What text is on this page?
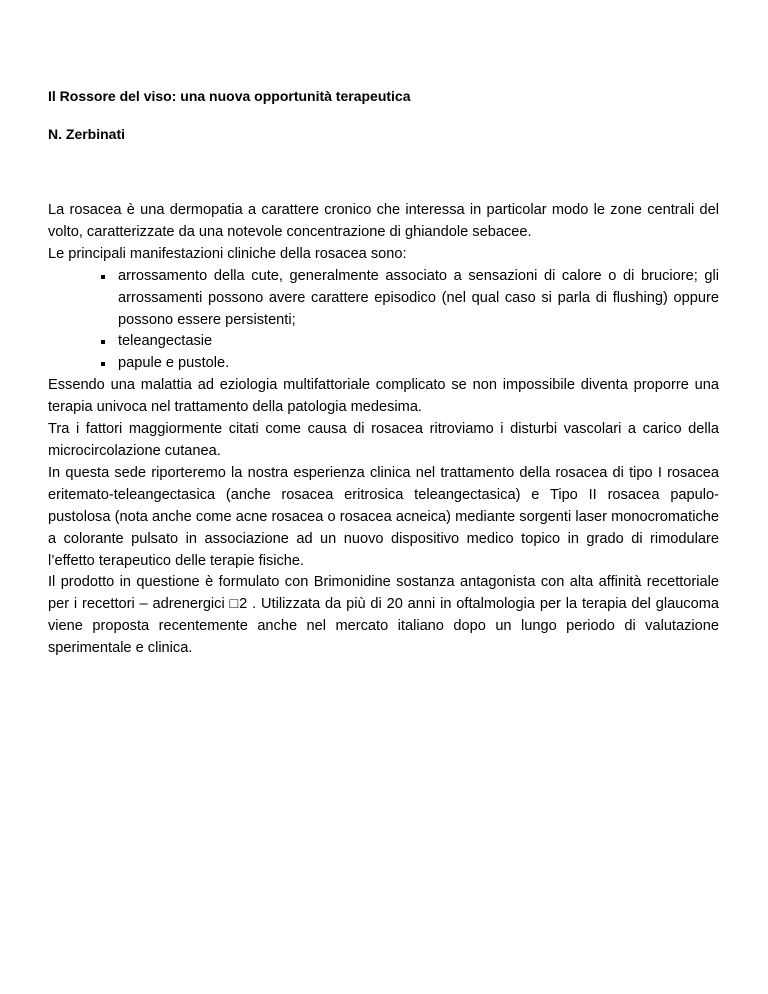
Il Rossore del viso: una nuova opportunità terapeutica

N. Zerbinati

La rosacea è una dermopatia a carattere cronico che interessa in particolar modo le zone centrali del volto, caratterizzate da una notevole concentrazione di ghiandole sebacee.

Le principali manifestazioni cliniche della rosacea sono:

arrossamento della cute, generalmente associato a sensazioni di calore o di bruciore; gli arrossamenti possono avere carattere episodico (nel qual caso si parla di flushing) oppure possono essere persistenti;
teleangectasie
papule e pustole.

Essendo una malattia ad eziologia multifattoriale complicato se non impossibile diventa proporre una terapia univoca nel trattamento della patologia medesima.

Tra i fattori maggiormente citati come causa di rosacea ritroviamo i disturbi vascolari a carico della microcircolazione cutanea.

In questa sede riporteremo la nostra esperienza clinica nel trattamento della rosacea di tipo I rosacea eritemato-teleangectasica (anche rosacea eritrosica teleangectasica) e Tipo II rosacea papulo-pustolosa (nota anche come acne rosacea o rosacea acneica) mediante sorgenti laser monocromatiche a colorante pulsato in associazione ad un nuovo dispositivo medico topico in grado di rimodulare l’effetto terapeutico delle terapie fisiche.

Il prodotto in questione è formulato con Brimonidine sostanza antagonista con alta affinità recettoriale per i recettori – adrenergici □2 . Utilizzata da più di 20 anni in oftalmologia per la terapia del glaucoma viene proposta recentemente anche nel mercato italiano dopo un lungo periodo di valutazione sperimentale e clinica.
